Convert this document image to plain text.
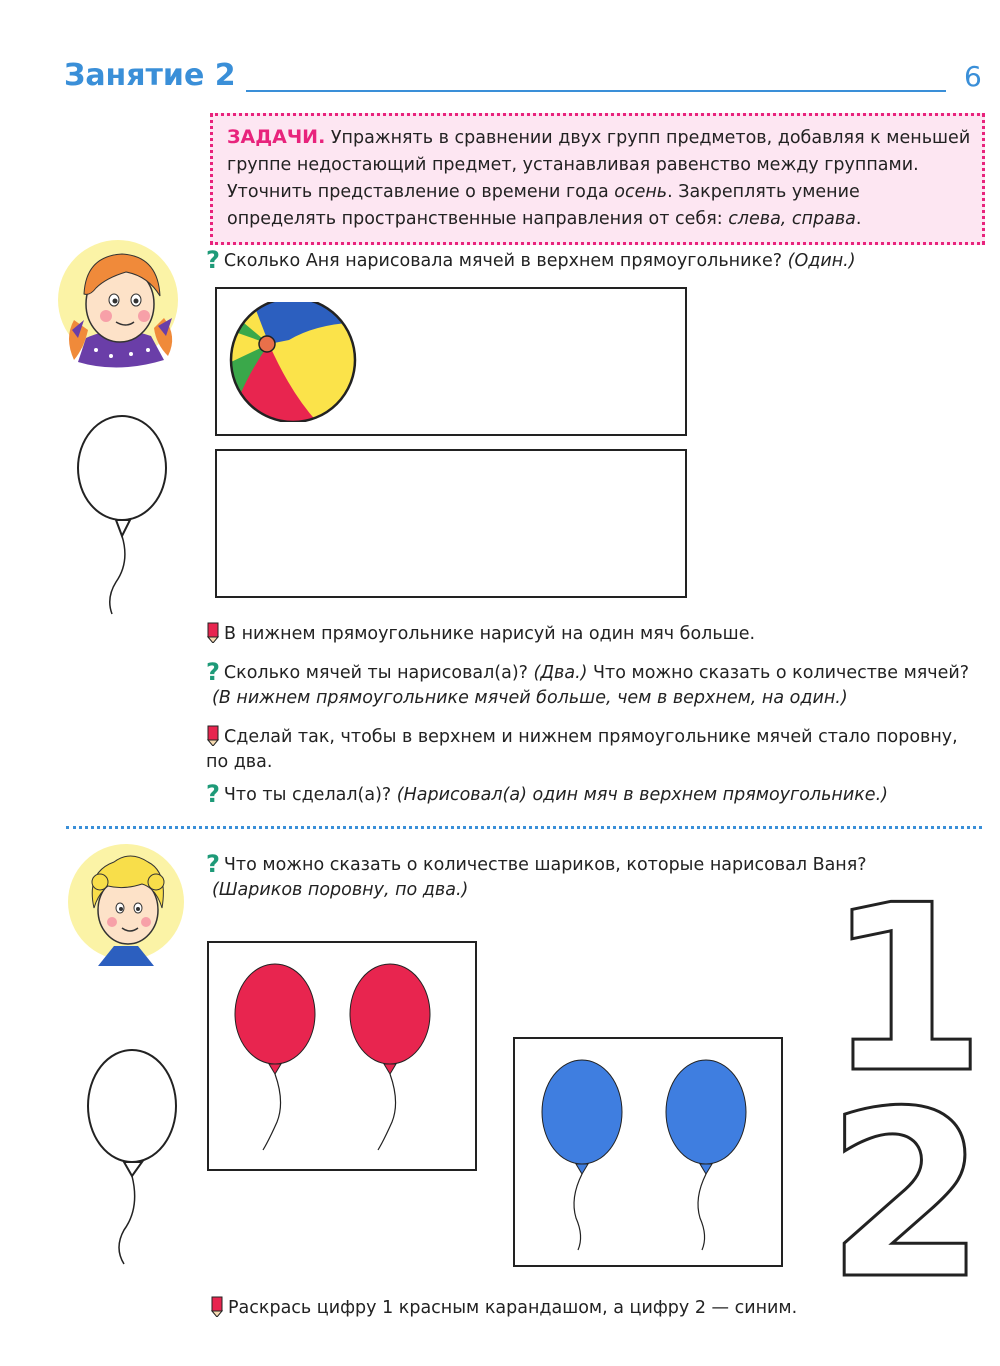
Занятие 2	6
ЗАДАЧИ. Упражнять в сравнении двух групп предметов, добавляя к меньшей группе недостающий предмет, устанавливая равенство между группами. Уточнить представление о времени года осень. Закреплять умение определять пространственные направления от себя: слева, справа.
? Сколько Аня нарисовала мячей в верхнем прямоугольнике? (Один.)
В нижнем прямоугольнике нарисуй на один мяч больше.
? Сколько мячей ты нарисовал(а)? (Два.) Что можно сказать о количестве мячей?
(В нижнем прямоугольнике мячей больше, чем в верхнем, на один.)
Сделай так, чтобы в верхнем и нижнем прямоугольнике мячей стало поровну,
по два.
? Что ты сделал(а)? (Нарисовал(а) один мяч в верхнем прямоугольнике.)
? Что можно сказать о количестве шариков, которые нарисовал Ваня?
(Шариков поровну, по два.)	1
2
Раскрась цифру 1 красным карандашом, а цифру 2 — синим.
